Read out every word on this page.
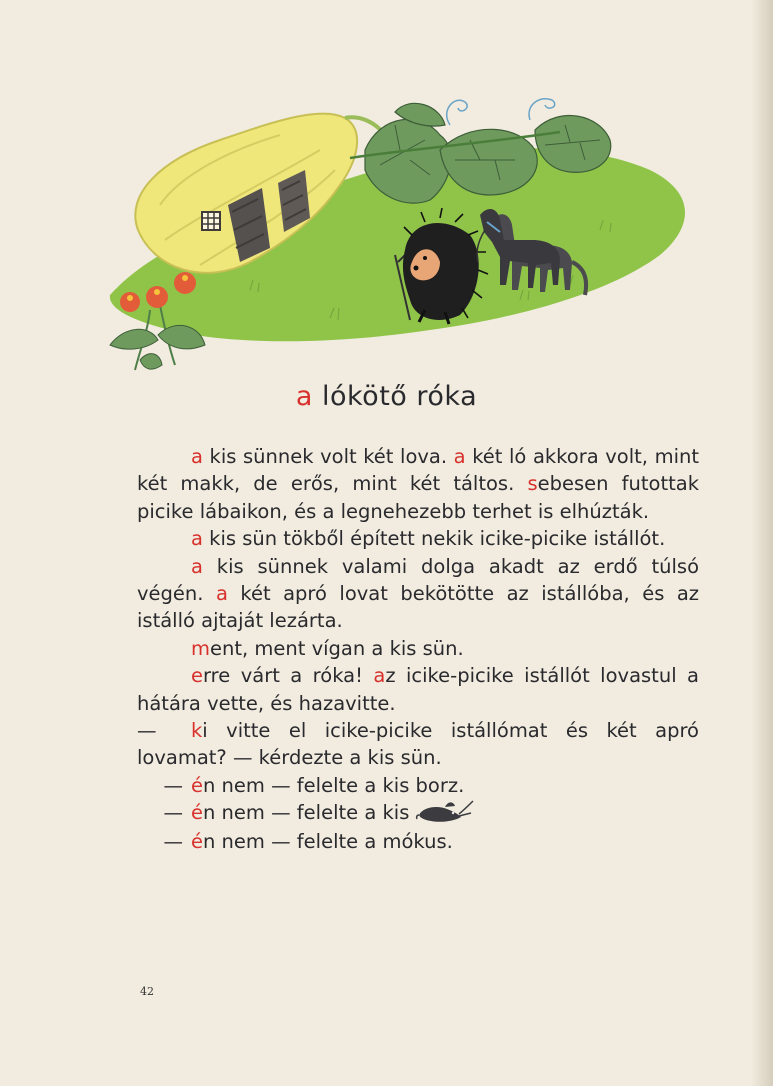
a lókötő róka

a kis sünnek volt két lova. a két ló akkora volt, mint két makk, de erős, mint két táltos. sebesen futottak picike lábaikon, és a legnehezebb terhet is elhúzták.

a kis sün tökből épített nekik icike-picike istállót.

a kis sünnek valami dolga akadt az erdő túlsó végén. a két apró lovat bekötötte az istállóba, és az istálló ajtaját lezárta.

ment, ment vígan a kis sün.

erre várt a róka! az icike-picike istállót lovastul a hátára vette, és hazavitte.

— ki vitte el icike-picike istállómat és két apró lovamat? — kérdezte a kis sün.

— én nem — felelte a kis borz.
— én nem — felelte a kis
— én nem — felelte a mókus.
42
